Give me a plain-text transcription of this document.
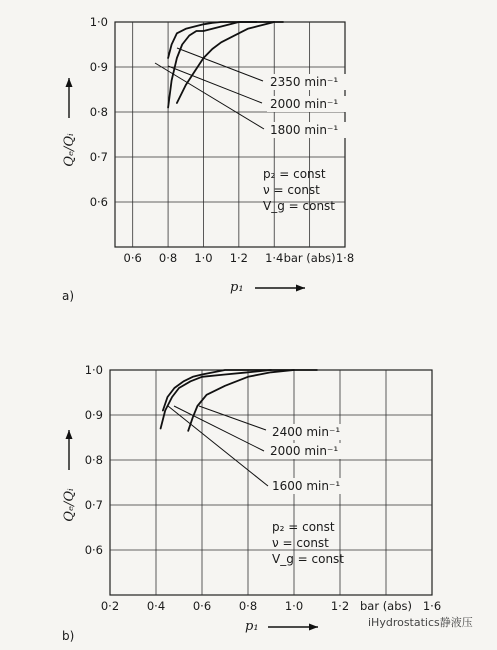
0·6 0·8 1·0 1·2 1·4 bar (abs) 1·8
0·6
0·7
0·8
0·9
1·0
2350 min⁻¹
2000 min⁻¹
1800 min⁻¹
p₂ = const
ν = const
V_g = const
a)
p₁
Qₑ/Qᵢ
0·2 0·4 0·6 0·8 1·0 1·2 bar (abs) 1·6
0·6
0·7
0·8
0·9
1·0
2400 min⁻¹
2000 min⁻¹
1600 min⁻¹
p₂ = const
ν = const
V_g = const
b)
p₁
Qₑ/Qᵢ
iHydrostatics静液压
